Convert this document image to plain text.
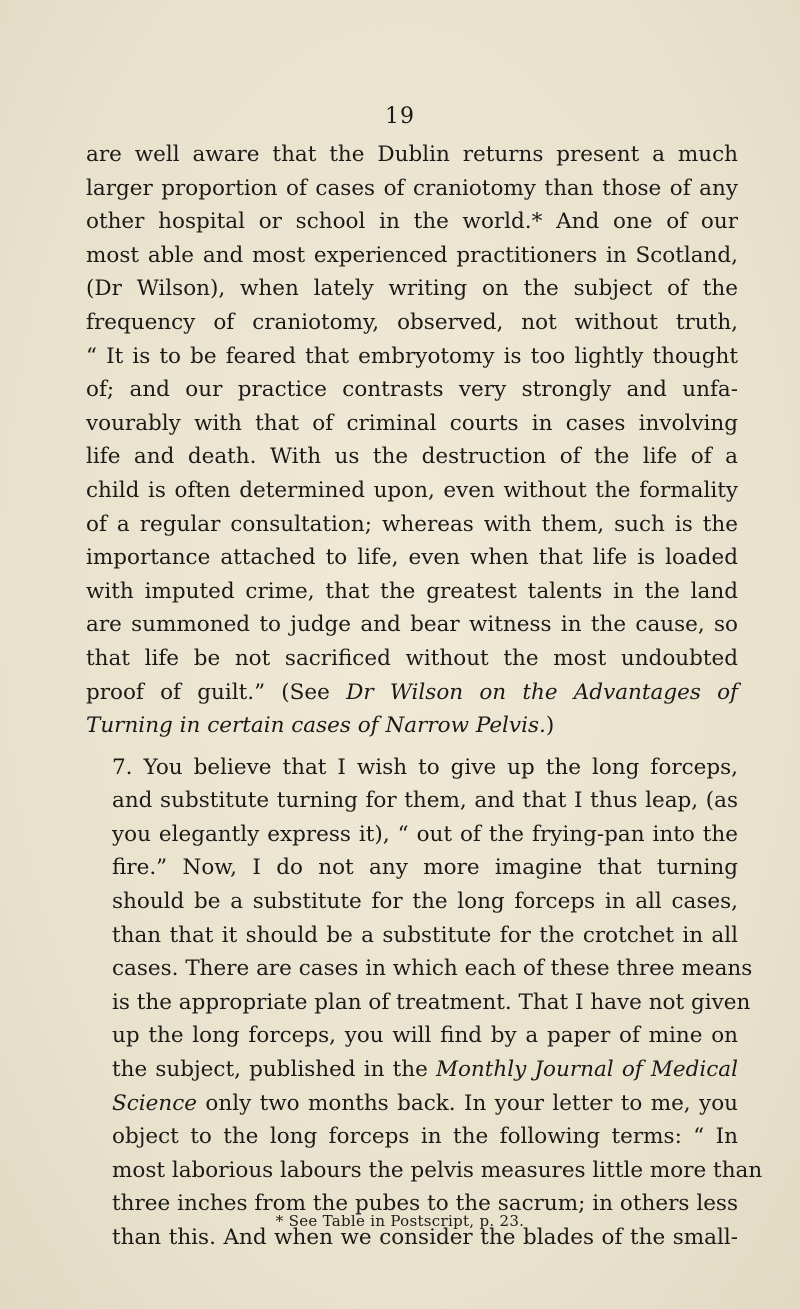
19

are well aware that the Dublin returns present a much
larger proportion of cases of craniotomy than those of any
other hospital or school in the world.* And one of our
most able and most experienced practitioners in Scotland,
(Dr Wilson), when lately writing on the subject of the
frequency of craniotomy, observed, not without truth,
“ It is to be feared that embryotomy is too lightly thought
of; and our practice contrasts very strongly and unfa-
vourably with that of criminal courts in cases involving
life and death. With us the destruction of the life of a
child is often determined upon, even without the formality
of a regular consultation; whereas with them, such is the
importance attached to life, even when that life is loaded
with imputed crime, that the greatest talents in the land
are summoned to judge and bear witness in the cause, so
that life be not sacrificed without the most undoubted
proof of guilt.” (See Dr Wilson on the Advantages of
Turning in certain cases of Narrow Pelvis.)

7. You believe that I wish to give up the long forceps,
and substitute turning for them, and that I thus leap, (as
you elegantly express it), “ out of the frying-pan into the
fire.” Now, I do not any more imagine that turning
should be a substitute for the long forceps in all cases,
than that it should be a substitute for the crotchet in all
cases. There are cases in which each of these three means
is the appropriate plan of treatment. That I have not given
up the long forceps, you will find by a paper of mine on
the subject, published in the Monthly Journal of Medical
Science only two months back. In your letter to me, you
object to the long forceps in the following terms: “ In
most laborious labours the pelvis measures little more than
three inches from the pubes to the sacrum; in others less
than this. And when we consider the blades of the small-

* See Table in Postscript, p. 23.
